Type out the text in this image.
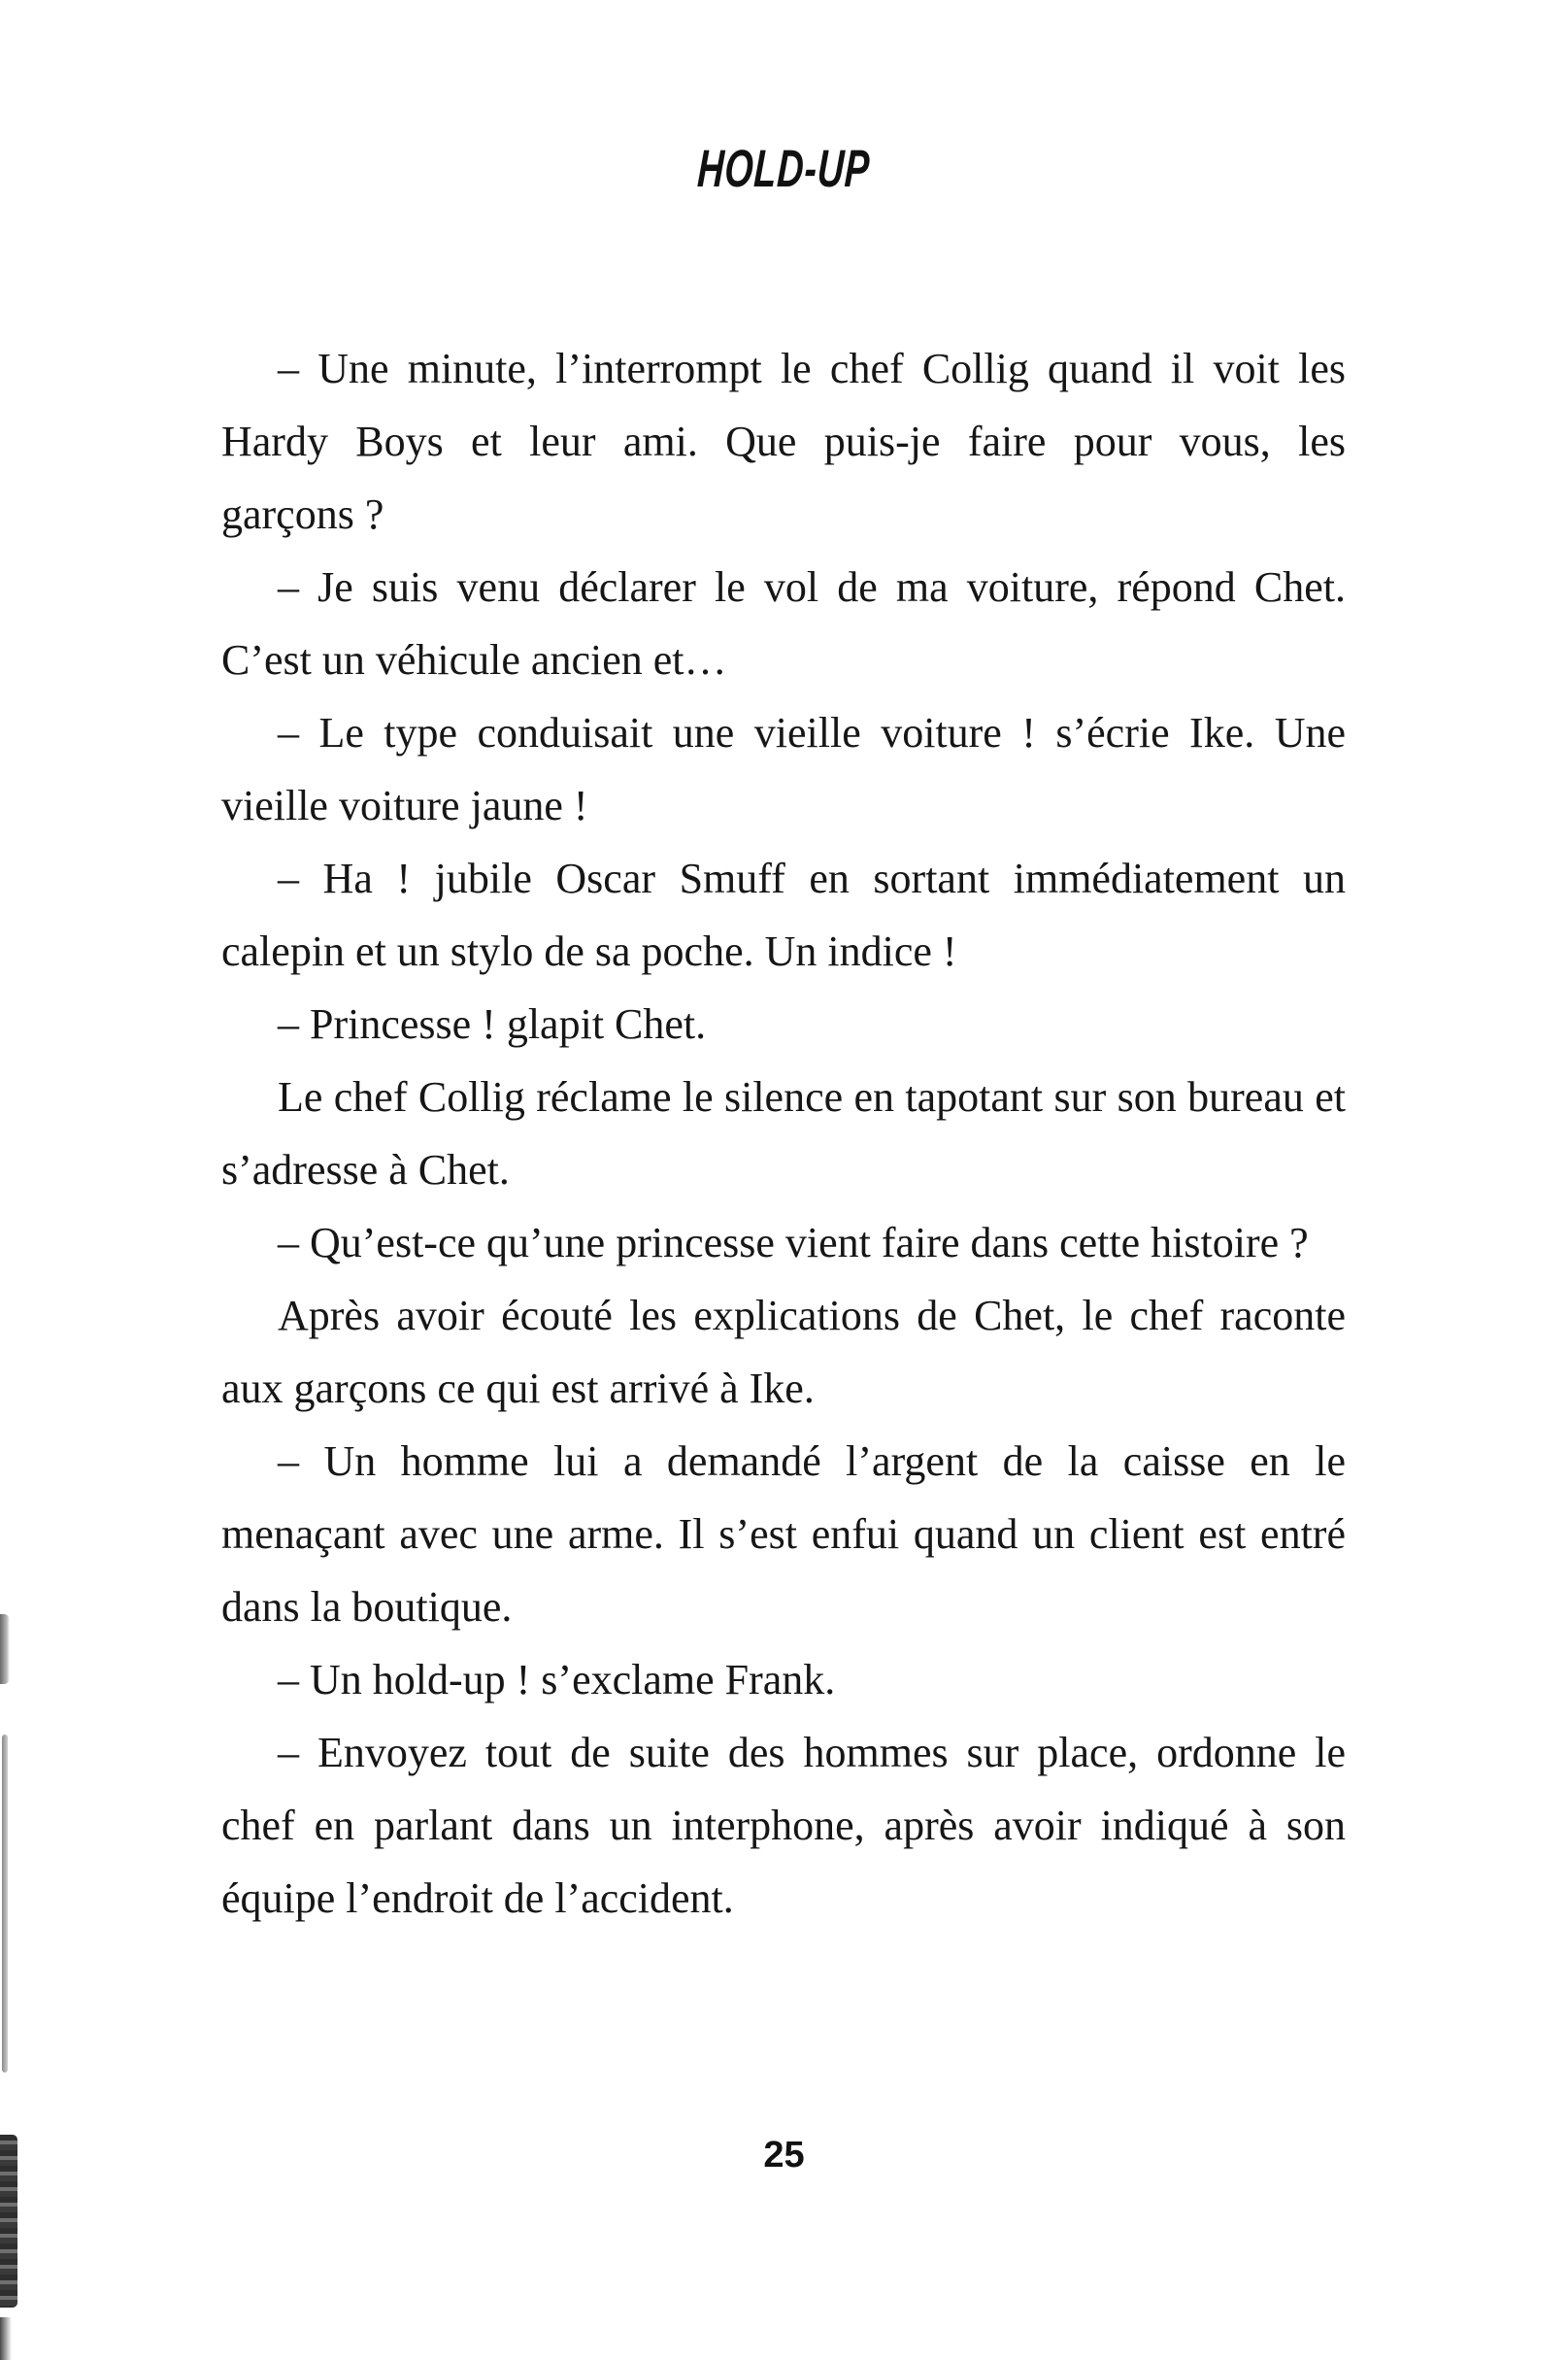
HOLD-UP

– Une minute, l’interrompt le chef Collig quand il voit les Hardy Boys et leur ami. Que puis-je faire pour vous, les garçons ?

– Je suis venu déclarer le vol de ma voiture, répond Chet. C’est un véhicule ancien et…

– Le type conduisait une vieille voiture ! s’écrie Ike. Une vieille voiture jaune !

– Ha ! jubile Oscar Smuff en sortant immédiatement un calepin et un stylo de sa poche. Un indice !

– Princesse ! glapit Chet.

Le chef Collig réclame le silence en tapotant sur son bureau et s’adresse à Chet.

– Qu’est-ce qu’une princesse vient faire dans cette histoire ?

Après avoir écouté les explications de Chet, le chef raconte aux garçons ce qui est arrivé à Ike.

– Un homme lui a demandé l’argent de la caisse en le menaçant avec une arme. Il s’est enfui quand un client est entré dans la boutique.

– Un hold-up ! s’exclame Frank.

– Envoyez tout de suite des hommes sur place, ordonne le chef en parlant dans un interphone, après avoir indiqué à son équipe l’endroit de l’accident.

25
